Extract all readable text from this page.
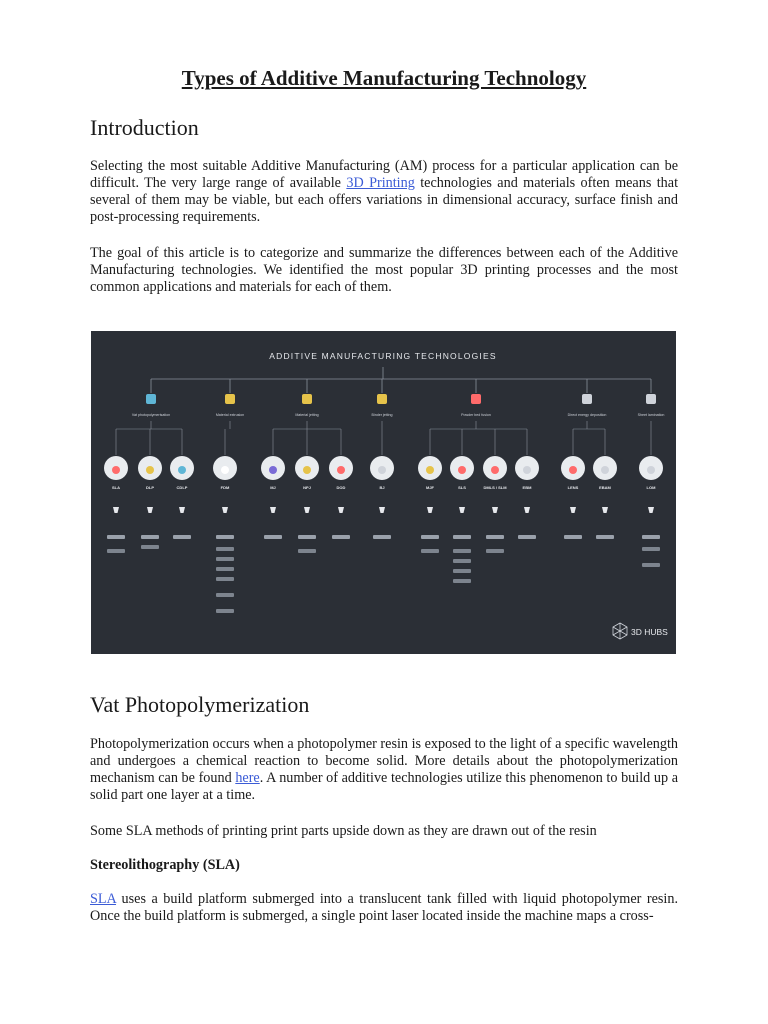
Types of Additive Manufacturing Technology
Introduction

Selecting the most suitable Additive Manufacturing (AM) process for a particular application can be difficult. The very large range of available 3D Printing technologies and materials often means that several of them may be viable, but each offers variations in dimensional accuracy, surface finish and post-processing requirements.

The goal of this article is to categorize and summarize the differences between each of the Additive Manufacturing technologies. We identified the most popular 3D printing processes and the most common applications and materials for each of them.

Vat Photopolymerization

Photopolymerization occurs when a photopolymer resin is exposed to the light of a specific wavelength and undergoes a chemical reaction to become solid. More details about the photopolymerization mechanism can be found here. A number of additive technologies utilize this phenomenon to build up a solid part one layer at a time.

Some SLA methods of printing print parts upside down as they are drawn out of the resin

Stereolithography (SLA)

SLA uses a build platform submerged into a translucent tank filled with liquid photopolymer resin. Once the build platform is submerged, a single point laser located inside the machine maps a cross-

ADDITIVE MANUFACTURING TECHNOLOGIES
Vat photopolymerisation	Material extrusion	Material jetting	Binder jetting	Powder bed fusion	Direct energy deposition	Sheet lamination
SLA	DLP	CDLP	FDM	MJ	NPJ	DOD	BJ	MJF	SLS	DMLS / SLM	EBM	LENS	EBAM	LOM
3D HUBS
